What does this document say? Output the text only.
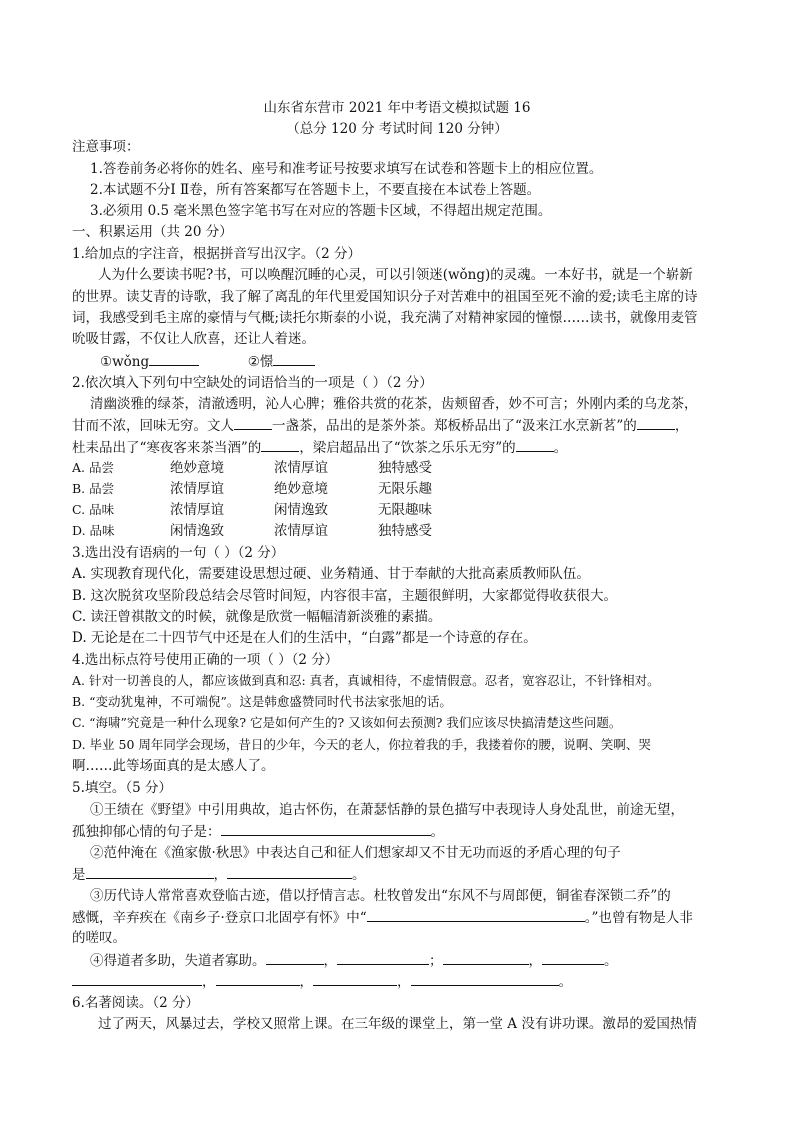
山东省东营市 2021 年中考语文模拟试题 16
（总分 120 分 考试时间 120 分钟）
注意事项：
1.答卷前务必将你的姓名、座号和准考证号按要求填写在试卷和答题卡上的相应位置。
2.本试题不分Ⅰ Ⅱ卷，所有答案都写在答题卡上，不要直接在本试卷上答题。
3.必须用 0.5 毫米黑色签字笔书写在对应的答题卡区域，不得超出规定范围。
一、积累运用（共 20 分）
1.给加点的字注音，根据拼音写出汉字。（2 分）
人为什么要读书呢?书，可以唤醒沉睡的心灵，可以引领迷(wǒng)的灵魂。一本好书，就是一个崭新
的世界。读艾青的诗歌，我了解了离乱的年代里爱国知识分子对苦难中的祖国至死不渝的爱;读毛主席的诗
词，我感受到毛主席的豪情与气概;读托尔斯泰的小说，我充满了对精神家园的憧憬……读书，就像用麦管
吮吸甘露，不仅让人欣喜，还让人着迷。
①wǒng	②憬
2.依次填入下列句中空缺处的词语恰当的一项是（ ）（2 分）
清幽淡雅的绿茶，清澈透明，沁人心脾；雅俗共赏的花茶，齿颊留香，妙不可言；外刚内柔的乌龙茶，
甘而不浓，回味无穷。文人	一盏茶，品出的是茶外茶。郑板桥品出了“汲来江水烹新茗”的	，
杜耒品出了“寒夜客来茶当酒”的	，梁启超品出了“饮茶之乐乐无穷”的	。
A. 品尝	绝妙意境	浓情厚谊	独特感受
B. 品尝	浓情厚谊	绝妙意境	无限乐趣
C. 品味	浓情厚谊	闲情逸致	无限趣味
D. 品味	闲情逸致	浓情厚谊	独特感受
3.选出没有语病的一句（ ）（2 分）
A. 实现教育现代化，需要建设思想过硬、业务精通、甘于奉献的大批高素质教师队伍。
B. 这次脱贫攻坚阶段总结会尽管时间短，内容很丰富，主题很鲜明，大家都觉得收获很大。
C. 读汪曾祺散文的时候，就像是欣赏一幅幅清新淡雅的素描。
D. 无论是在二十四节气中还是在人们的生活中，“白露”都是一个诗意的存在。
4.选出标点符号使用正确的一项（ ）（2 分）
A. 针对一切善良的人，都应该做到真和忍: 真者，真诚相待，不虚情假意。忍者，宽容忍让，不针锋相对。
B. “变动犹鬼神，不可端倪”。这是韩愈盛赞同时代书法家张旭的话。
C. “海啸”究竟是一种什么现象? 它是如何产生的? 又该如何去预测? 我们应该尽快搞清楚这些问题。
D. 毕业 50 周年同学会现场，昔日的少年，今天的老人，你拉着我的手，我搂着你的腰，说啊、笑啊、哭
啊……此等场面真的是太感人了。
5.填空。（5 分）
①王绩在《野望》中引用典故，追古怀伤，在萧瑟恬静的景色描写中表现诗人身处乱世，前途无望，
孤独抑郁心情的句子是：	。
②范仲淹在《渔家傲·秋思》中表达自己和征人们想家却又不甘无功而返的矛盾心理的句子
是	，	。
③历代诗人常常喜欢登临古迹，借以抒情言志。杜牧曾发出“东风不与周郎便，铜雀春深锁二乔”的
感慨，辛弃疾在《南乡子·登京口北固亭有怀》中“	。”也曾有物是人非
的嗟叹。
④得道者多助，失道者寡助。	，	；	，	。
，	，	，	。
6.名著阅读。（2 分）
过了两天，风暴过去，学校又照常上课。在三年级的课堂上，第一堂 A 没有讲功课。激昂的爱国热情
